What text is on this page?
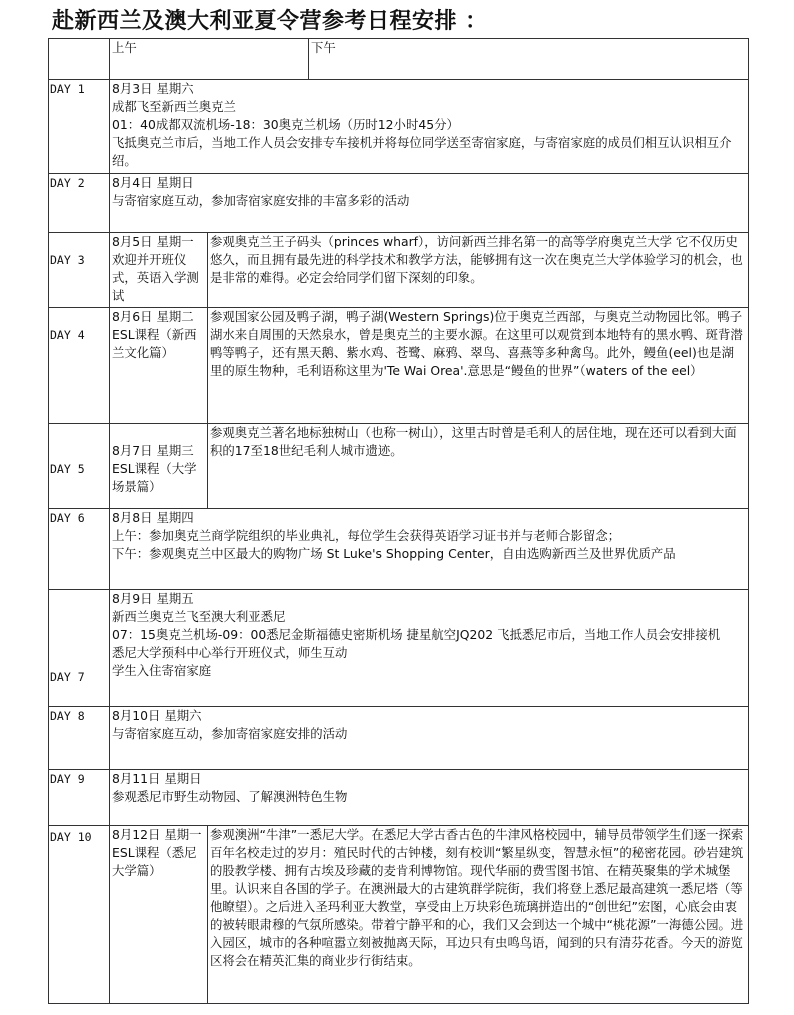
赴新西兰及澳大利亚夏令营参考日程安排 ：
	上午		下午
DAY 1	8月3日 星期六
成都飞至新西兰奥克兰
01：40成都双流机场-18：30奥克兰机场（历时12小时45分）
飞抵奥克兰市后，当地工作人员会安排专车接机并将每位同学送至寄宿家庭，与寄宿家庭的成员们相互认识相互介绍。		

DAY 2	8月4日 星期日
与寄宿家庭互动，参加寄宿家庭安排的丰富多彩的活动		

DAY 3	8月5日 星期一
欢迎并开班仪式，英语入学测试	参观奥克兰王子码头（princes wharf），访问新西兰排名第一的高等学府奥克兰大学 它不仅历史悠久，而且拥有最先进的科学技术和教学方法，能够拥有这一次在奥克兰大学体验学习的机会，也是非常的难得。必定会给同学们留下深刻的印象。	

DAY 4	8月6日 星期二
ESL课程（新西兰文化篇）	参观国家公园及鸭子湖，鸭子湖(Western Springs)位于奥克兰西部，与奥克兰动物园比邻。鸭子湖水来自周围的天然泉水，曾是奥克兰的主要水源。在这里可以观赏到本地特有的黑水鸭、斑背潜鸭等鸭子，还有黑天鹅、紫水鸡、苍鹭、麻鸦、翠鸟、喜燕等多种禽鸟。此外，鳗鱼(eel)也是湖里的原生物种，毛利语称这里为'Te Wai Orea'.意思是“鳗鱼的世界”（waters of the eel）	

DAY 5	8月7日 星期三
ESL课程（大学场景篇）	参观奥克兰著名地标独树山（也称一树山），这里古时曾是毛利人的居住地，现在还可以看到大面积的17至18世纪毛利人城市遗迹。	

DAY 6	8月8日 星期四
上午：参加奥克兰商学院组织的毕业典礼，每位学生会获得英语学习证书并与老师合影留念；
下午：参观奥克兰中区最大的购物广场 St Luke's Shopping Center，自由选购新西兰及世界优质产品		

DAY 7	8月9日 星期五
新西兰奥克兰飞至澳大利亚悉尼
07：15奥克兰机场-09：00悉尼金斯福德史密斯机场 捷星航空JQ202 飞抵悉尼市后，当地工作人员会安排接机
悉尼大学预科中心举行开班仪式，师生互动
学生入住寄宿家庭		

DAY 8	8月10日 星期六
与寄宿家庭互动，参加寄宿家庭安排的活动		

DAY 9	8月11日 星期日
参观悉尼市野生动物园、了解澳洲特色生物		

DAY 10	8月12日 星期一
ESL课程（悉尼大学篇）	参观澳洲“牛津”一悉尼大学。在悉尼大学古香古色的牛津风格校园中，辅导员带领学生们逐一探索百年名校走过的岁月：殖民时代的古钟楼，刻有校训“繁星纵变，智慧永恒”的秘密花园。砂岩建筑的股教学楼、拥有古埃及珍藏的麦肯利博物馆。现代华丽的费雪图书馆、在精英聚集的学术城堡里。认识来自各国的学子。在澳洲最大的古建筑群学院街，我们将登上悉尼最高建筑一悉尼塔（等他瞭望）。之后进入圣玛利亚大教堂，享受由上万块彩色琉璃拼造出的“创世纪”宏图，心底会由衷的被转眼肃穆的气氛所感染。带着宁静平和的心，我们又会到达一个城中“桃花源”一海德公园。进入园区，城市的各种喧嚣立刻被抛离天际，耳边只有虫鸣鸟语，闻到的只有清芬花香。今天的游览区将会在精英汇集的商业步行街结束。	
